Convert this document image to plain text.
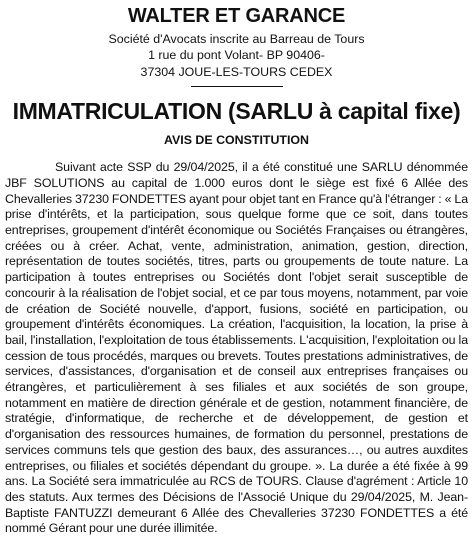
WALTER ET GARANCE
Société d'Avocats inscrite au Barreau de Tours
1 rue du pont Volant- BP 90406-
37304 JOUE-LES-TOURS CEDEX
IMMATRICULATION (SARLU à capital fixe)
AVIS DE CONSTITUTION

Suivant acte SSP du 29/04/2025, il a été constitué une SARLU dénommée JBF SOLUTIONS au capital de 1.000 euros dont le siège est fixé 6 Allée des Chevalleries 37230 FONDETTES ayant pour objet tant en France qu'à l'étranger : « La prise d'intérêts, et la participation, sous quelque forme que ce soit, dans toutes entreprises, groupement d'intérêt économique ou Sociétés Françaises ou étrangères, créées ou à créer. Achat, vente, administration, animation, gestion, direction, représentation de toutes sociétés, titres, parts ou groupements de toute nature. La participation à toutes entreprises ou Sociétés dont l'objet serait susceptible de concourir à la réalisation de l'objet social, et ce par tous moyens, notamment, par voie de création de Société nouvelle, d'apport, fusions, société en participation, ou groupement d'intérêts économiques. La création, l'acquisition, la location, la prise à bail, l'installation, l'exploitation de tous établissements. L'acquisition, l'exploitation ou la cession de tous procédés, marques ou brevets. Toutes prestations administratives, de services, d'assistances, d'organisation et de conseil aux entreprises françaises ou étrangères, et particulièrement à ses filiales et aux sociétés de son groupe, notamment en matière de direction générale et de gestion, notamment financière, de stratégie, d'informatique, de recherche et de développement, de gestion et d'organisation des ressources humaines, de formation du personnel, prestations de services communs tels que gestion des baux, des assurances…, ou autres auxdites entreprises, ou filiales et sociétés dépendant du groupe. ». La durée a été fixée à 99 ans. La Société sera immatriculée au RCS de TOURS. Clause d'agrément : Article 10 des statuts. Aux termes des Décisions de l'Associé Unique du 29/04/2025, M. Jean-Baptiste FANTUZZI demeurant 6 Allée des Chevalleries 37230 FONDETTES a été nommé Gérant pour une durée illimitée.
